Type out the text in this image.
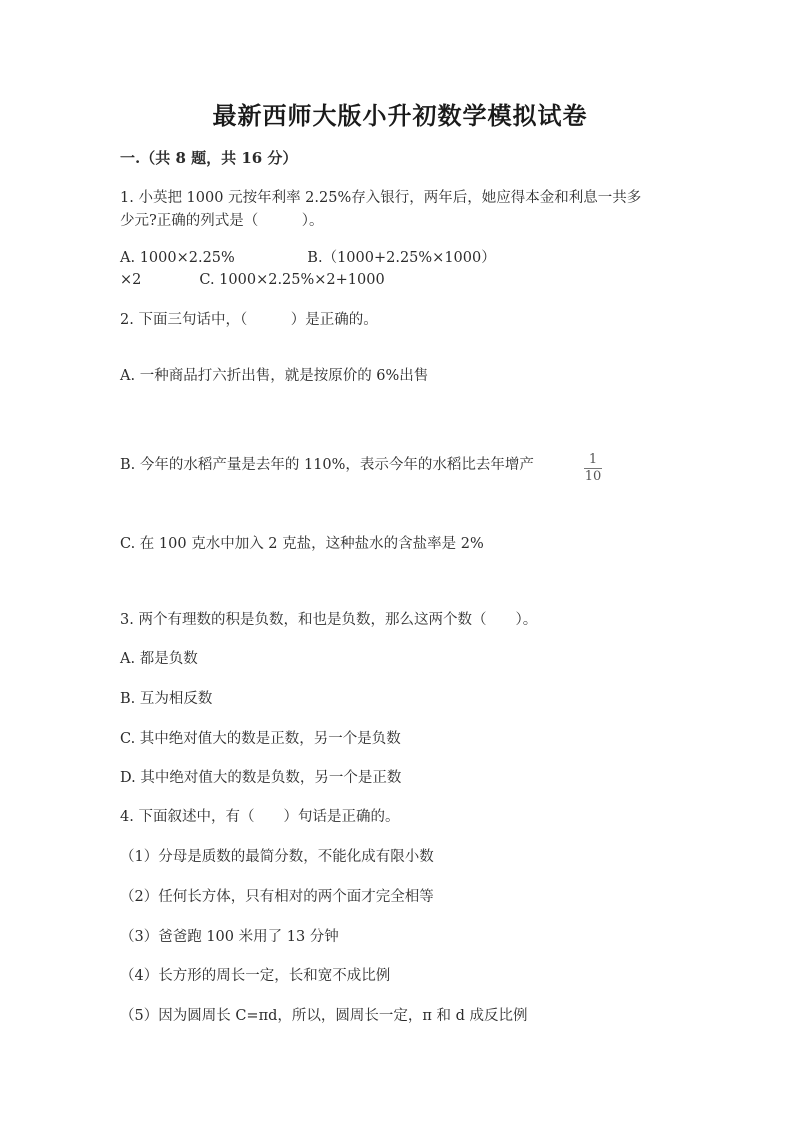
最新西师大版小升初数学模拟试卷
一.（共 8 题，共 16 分）
1. 小英把 1000 元按年利率 2.25%存入银行，两年后，她应得本金和利息一共多
少元?正确的列式是（　　　）。
A. 1000×2.25%　　　　　B.（1000+2.25%×1000）
×2　　　　C. 1000×2.25%×2+1000
2. 下面三句话中，（　　　）是正确的。
A. 一种商品打六折出售，就是按原价的 6%出售
B. 今年的水稻产量是去年的 110%，表示今年的水稻比去年增产	1
10
C. 在 100 克水中加入 2 克盐，这种盐水的含盐率是 2%
3. 两个有理数的积是负数，和也是负数，那么这两个数（　　）。
A. 都是负数
B. 互为相反数
C. 其中绝对值大的数是正数，另一个是负数
D. 其中绝对值大的数是负数，另一个是正数
4. 下面叙述中，有（　　）句话是正确的。
（1）分母是质数的最简分数，不能化成有限小数
（2）任何长方体，只有相对的两个面才完全相等
（3）爸爸跑 100 米用了 13 分钟
（4）长方形的周长一定，长和宽不成比例
（5）因为圆周长 C=πd，所以，圆周长一定，π 和 d 成反比例
